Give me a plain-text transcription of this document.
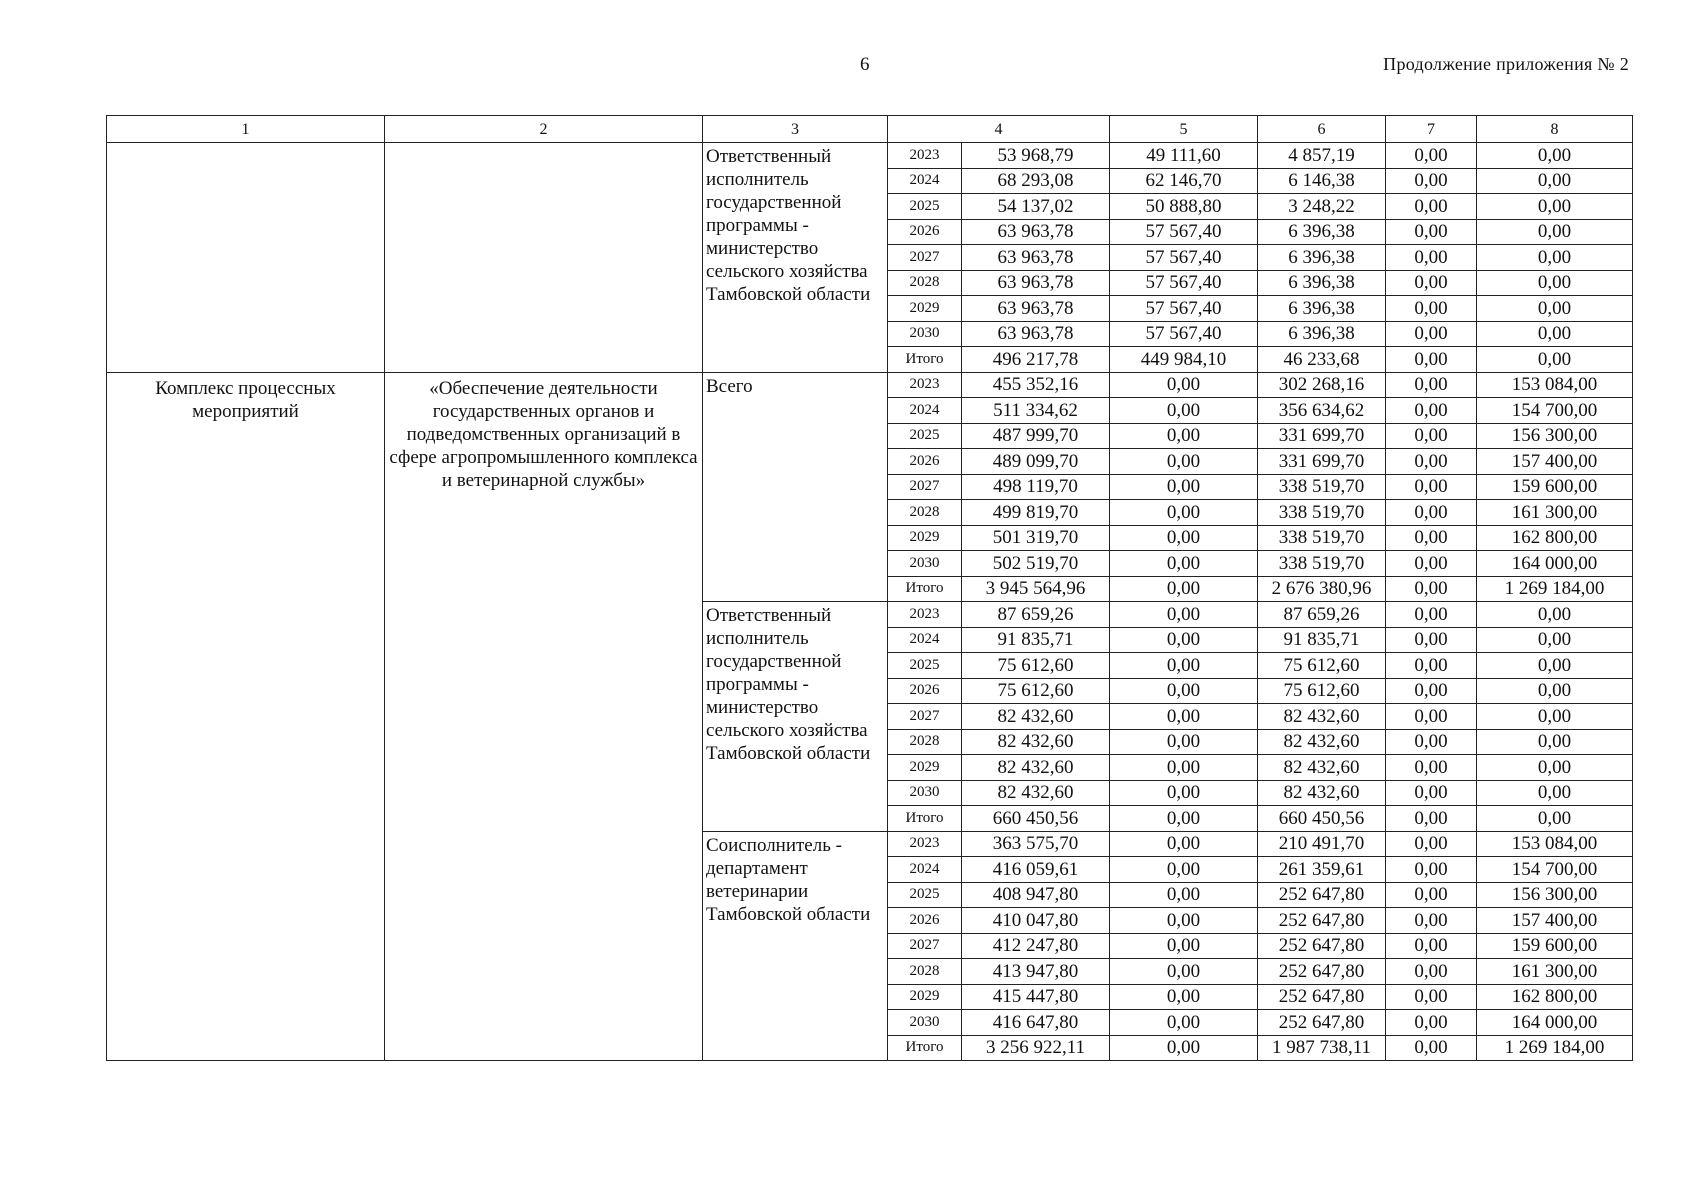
6	Продолжение приложения № 2
1	2	3	4		5	6	7	8
		Ответственный исполнитель государственной программы - министерство сельского хозяйства Тамбовской области	2023	53 968,79	49 111,60	4 857,19	0,00	0,00
			2024	68 293,08	62 146,70	6 146,38	0,00	0,00
			2025	54 137,02	50 888,80	3 248,22	0,00	0,00
			2026	63 963,78	57 567,40	6 396,38	0,00	0,00
			2027	63 963,78	57 567,40	6 396,38	0,00	0,00
			2028	63 963,78	57 567,40	6 396,38	0,00	0,00
			2029	63 963,78	57 567,40	6 396,38	0,00	0,00
			2030	63 963,78	57 567,40	6 396,38	0,00	0,00
			Итого	496 217,78	449 984,10	46 233,68	0,00	0,00
Комплекс процессных мероприятий	«Обеспечение деятельности государственных органов и подведомственных организаций в сфере агропромышленного комплекса и ветеринарной службы»	Всего	2023	455 352,16	0,00	302 268,16	0,00	153 084,00
			2024	511 334,62	0,00	356 634,62	0,00	154 700,00
			2025	487 999,70	0,00	331 699,70	0,00	156 300,00
			2026	489 099,70	0,00	331 699,70	0,00	157 400,00
			2027	498 119,70	0,00	338 519,70	0,00	159 600,00
			2028	499 819,70	0,00	338 519,70	0,00	161 300,00
			2029	501 319,70	0,00	338 519,70	0,00	162 800,00
			2030	502 519,70	0,00	338 519,70	0,00	164 000,00
			Итого	3 945 564,96	0,00	2 676 380,96	0,00	1 269 184,00
		Ответственный исполнитель государственной программы - министерство сельского хозяйства Тамбовской области	2023	87 659,26	0,00	87 659,26	0,00	0,00
			2024	91 835,71	0,00	91 835,71	0,00	0,00
			2025	75 612,60	0,00	75 612,60	0,00	0,00
			2026	75 612,60	0,00	75 612,60	0,00	0,00
			2027	82 432,60	0,00	82 432,60	0,00	0,00
			2028	82 432,60	0,00	82 432,60	0,00	0,00
			2029	82 432,60	0,00	82 432,60	0,00	0,00
			2030	82 432,60	0,00	82 432,60	0,00	0,00
			Итого	660 450,56	0,00	660 450,56	0,00	0,00
		Соисполнитель - департамент ветеринарии Тамбовской области	2023	363 575,70	0,00	210 491,70	0,00	153 084,00
			2024	416 059,61	0,00	261 359,61	0,00	154 700,00
			2025	408 947,80	0,00	252 647,80	0,00	156 300,00
			2026	410 047,80	0,00	252 647,80	0,00	157 400,00
			2027	412 247,80	0,00	252 647,80	0,00	159 600,00
			2028	413 947,80	0,00	252 647,80	0,00	161 300,00
			2029	415 447,80	0,00	252 647,80	0,00	162 800,00
			2030	416 647,80	0,00	252 647,80	0,00	164 000,00
			Итого	3 256 922,11	0,00	1 987 738,11	0,00	1 269 184,00
